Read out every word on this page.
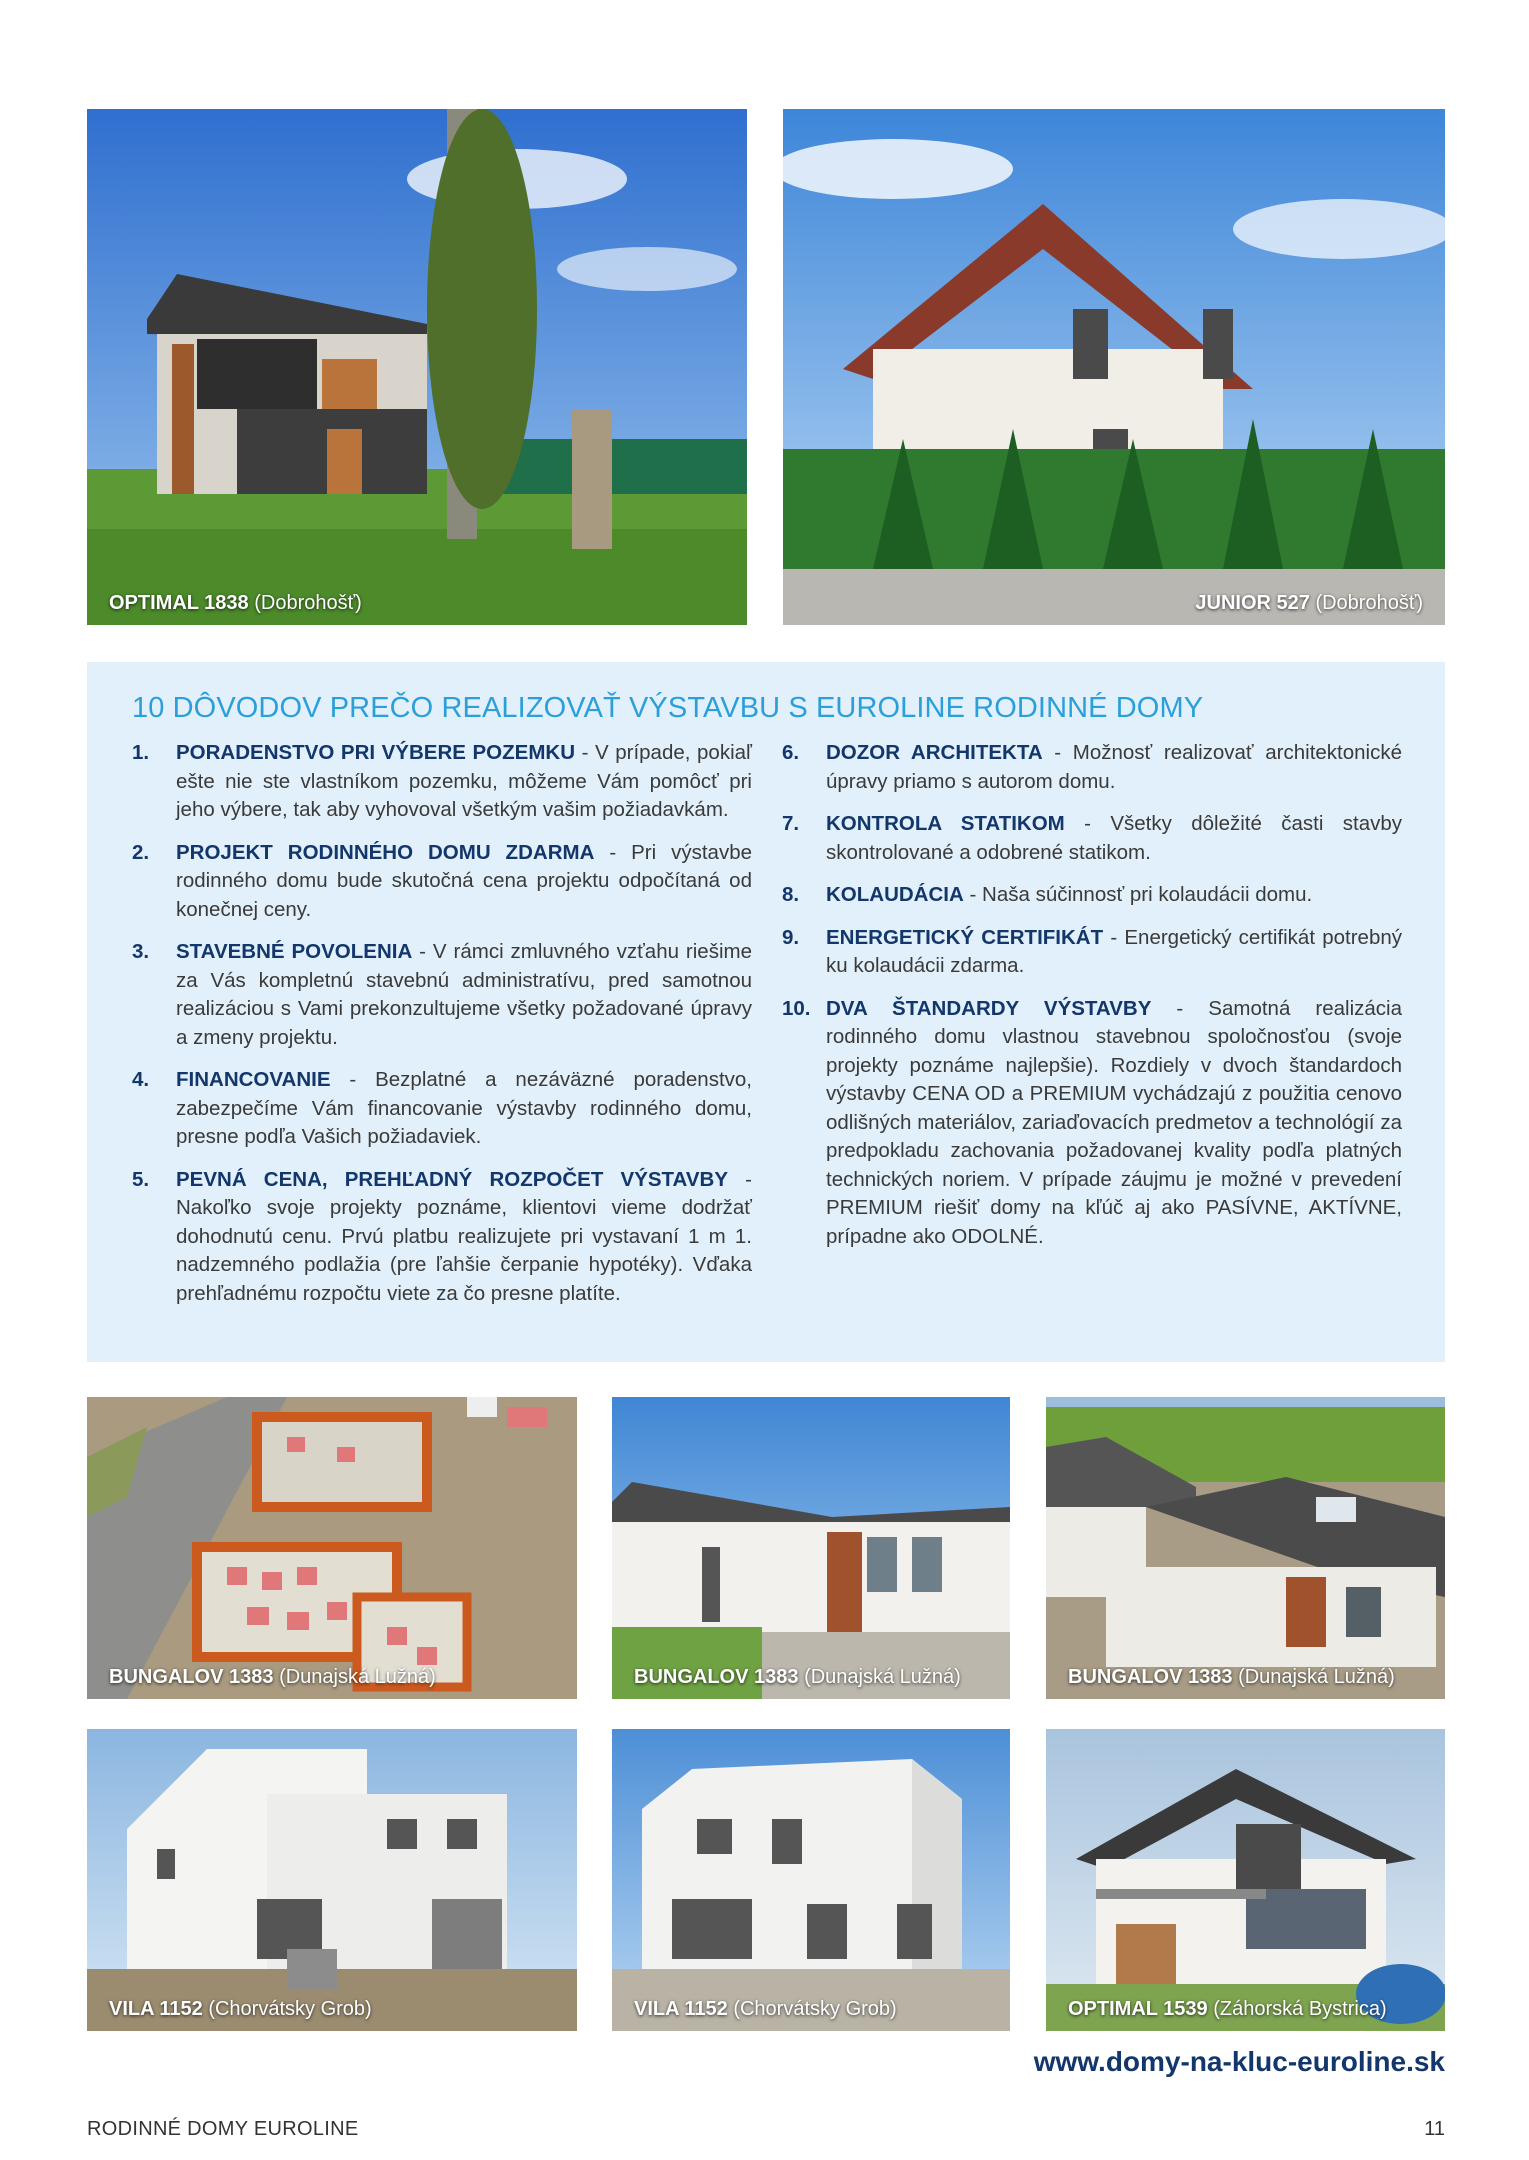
OPTIMAL 1838 (Dobrohošť)	JUNIOR 527 (Dobrohošť)
10 DÔVODOV PREČO REALIZOVAŤ VÝSTAVBU S EUROLINE RODINNÉ DOMY
1.	PORADENSTVO PRI VÝBERE POZEMKU - V prípade, pokiaľ ešte nie ste vlastníkom pozemku, môžeme Vám pomôcť pri jeho výbere, tak aby vyhovoval všetkým vašim požiadavkám.
2.	PROJEKT RODINNÉHO DOMU ZDARMA - Pri výstavbe rodinného domu bude skutočná cena projektu odpočítaná od konečnej ceny.
3.	STAVEBNÉ POVOLENIA - V rámci zmluvného vzťahu riešime za Vás kompletnú stavebnú administratívu, pred samotnou realizáciou s Vami prekonzultujeme všetky požadované úpravy a zmeny projektu.
4.	FINANCOVANIE - Bezplatné a nezáväzné poradenstvo, zabezpečíme Vám financovanie výstavby rodinného domu, presne podľa Vašich požiadaviek.
5.	PEVNÁ CENA, PREHĽADNÝ ROZPOČET VÝSTAVBY - Nakoľko svoje projekty poznáme, klientovi vieme dodržať dohodnutú cenu. Prvú platbu realizujete pri vystavaní 1 m 1. nadzemného podlažia (pre ľahšie čerpanie hypotéky). Vďaka prehľadnému rozpočtu viete za čo presne platíte.
6.	DOZOR ARCHITEKTA - Možnosť realizovať architektonické úpravy priamo s autorom domu.
7.	KONTROLA STATIKOM - Všetky dôležité časti stavby skontrolované a odobrené statikom.
8.	KOLAUDÁCIA - Naša súčinnosť pri kolaudácii domu.
9.	ENERGETICKÝ CERTIFIKÁT - Energetický certifikát potrebný ku kolaudácii zdarma.
10. DVA ŠTANDARDY VÝSTAVBY - Samotná realizácia rodinného domu vlastnou stavebnou spoločnosťou (svoje projekty poznáme najlepšie). Rozdiely v dvoch štandardoch výstavby CENA OD a PREMIUM vychádzajú z použitia cenovo odlišných materiálov, zariaďovacích predmetov a technológií za predpokladu zachovania požadovanej kvality podľa platných technických noriem. V prípade záujmu je možné v prevedení PREMIUM riešiť domy na kľúč aj ako PASÍVNE, AKTÍVNE, prípadne ako ODOLNÉ.
BUNGALOV 1383 (Dunajská Lužná)	BUNGALOV 1383 (Dunajská Lužná)	BUNGALOV 1383 (Dunajská Lužná)
VILA 1152 (Chorvátsky Grob)	VILA 1152 (Chorvátsky Grob)	OPTIMAL 1539 (Záhorská Bystrica)
www.domy-na-kluc-euroline.sk
RODINNÉ DOMY EUROLINE	11
